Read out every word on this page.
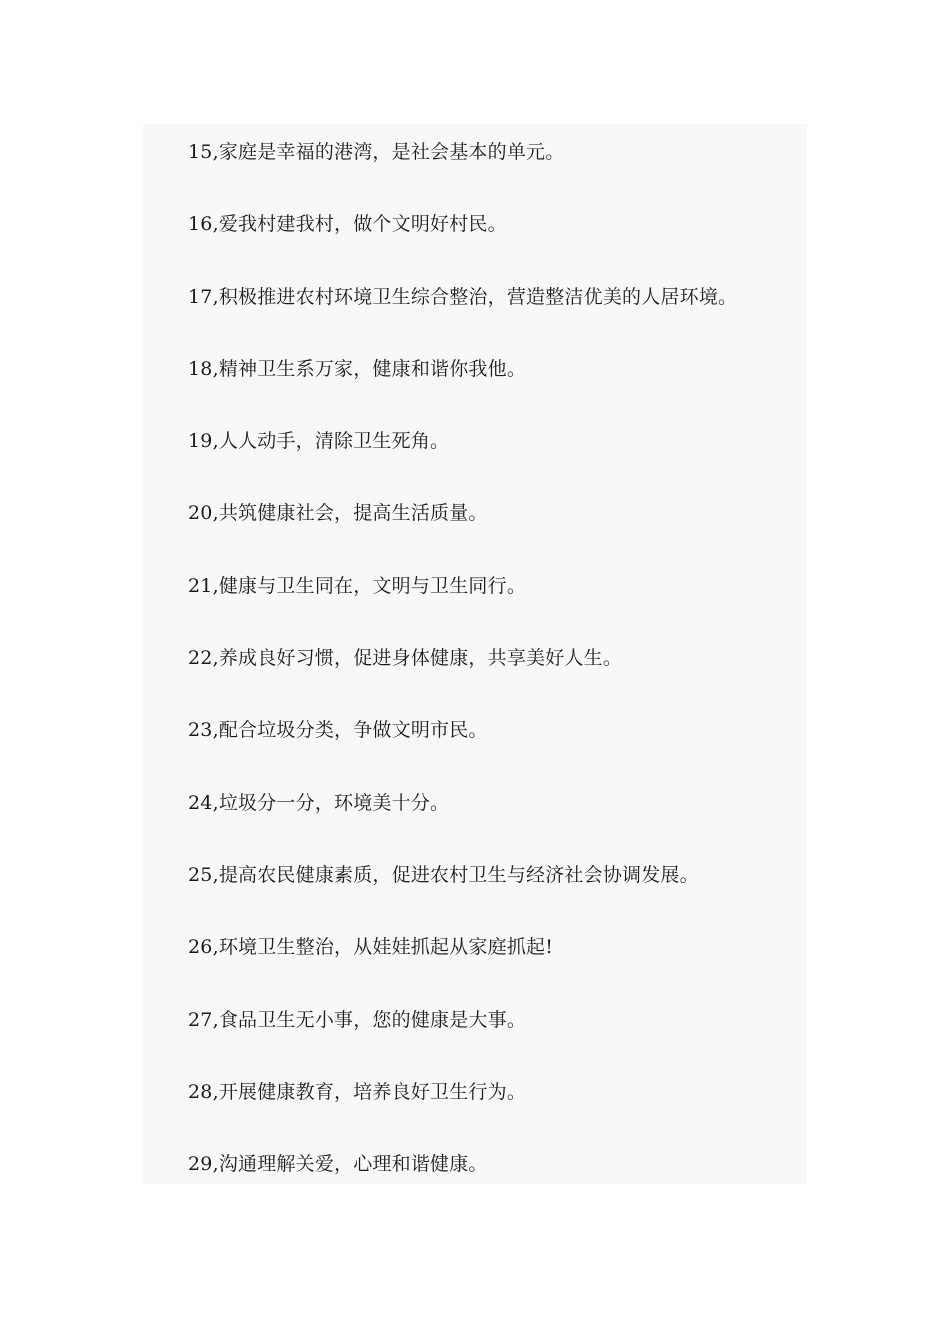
15,家庭是幸福的港湾，是社会基本的单元。
16,爱我村建我村，做个文明好村民。
17,积极推进农村环境卫生综合整治，营造整洁优美的人居环境。
18,精神卫生系万家，健康和谐你我他。
19,人人动手，清除卫生死角。
20,共筑健康社会，提高生活质量。
21,健康与卫生同在，文明与卫生同行。
22,养成良好习惯，促进身体健康，共享美好人生。
23,配合垃圾分类，争做文明市民。
24,垃圾分一分，环境美十分。
25,提高农民健康素质，促进农村卫生与经济社会协调发展。
26,环境卫生整治，从娃娃抓起从家庭抓起!
27,食品卫生无小事，您的健康是大事。
28,开展健康教育，培养良好卫生行为。
29,沟通理解关爱，心理和谐健康。
